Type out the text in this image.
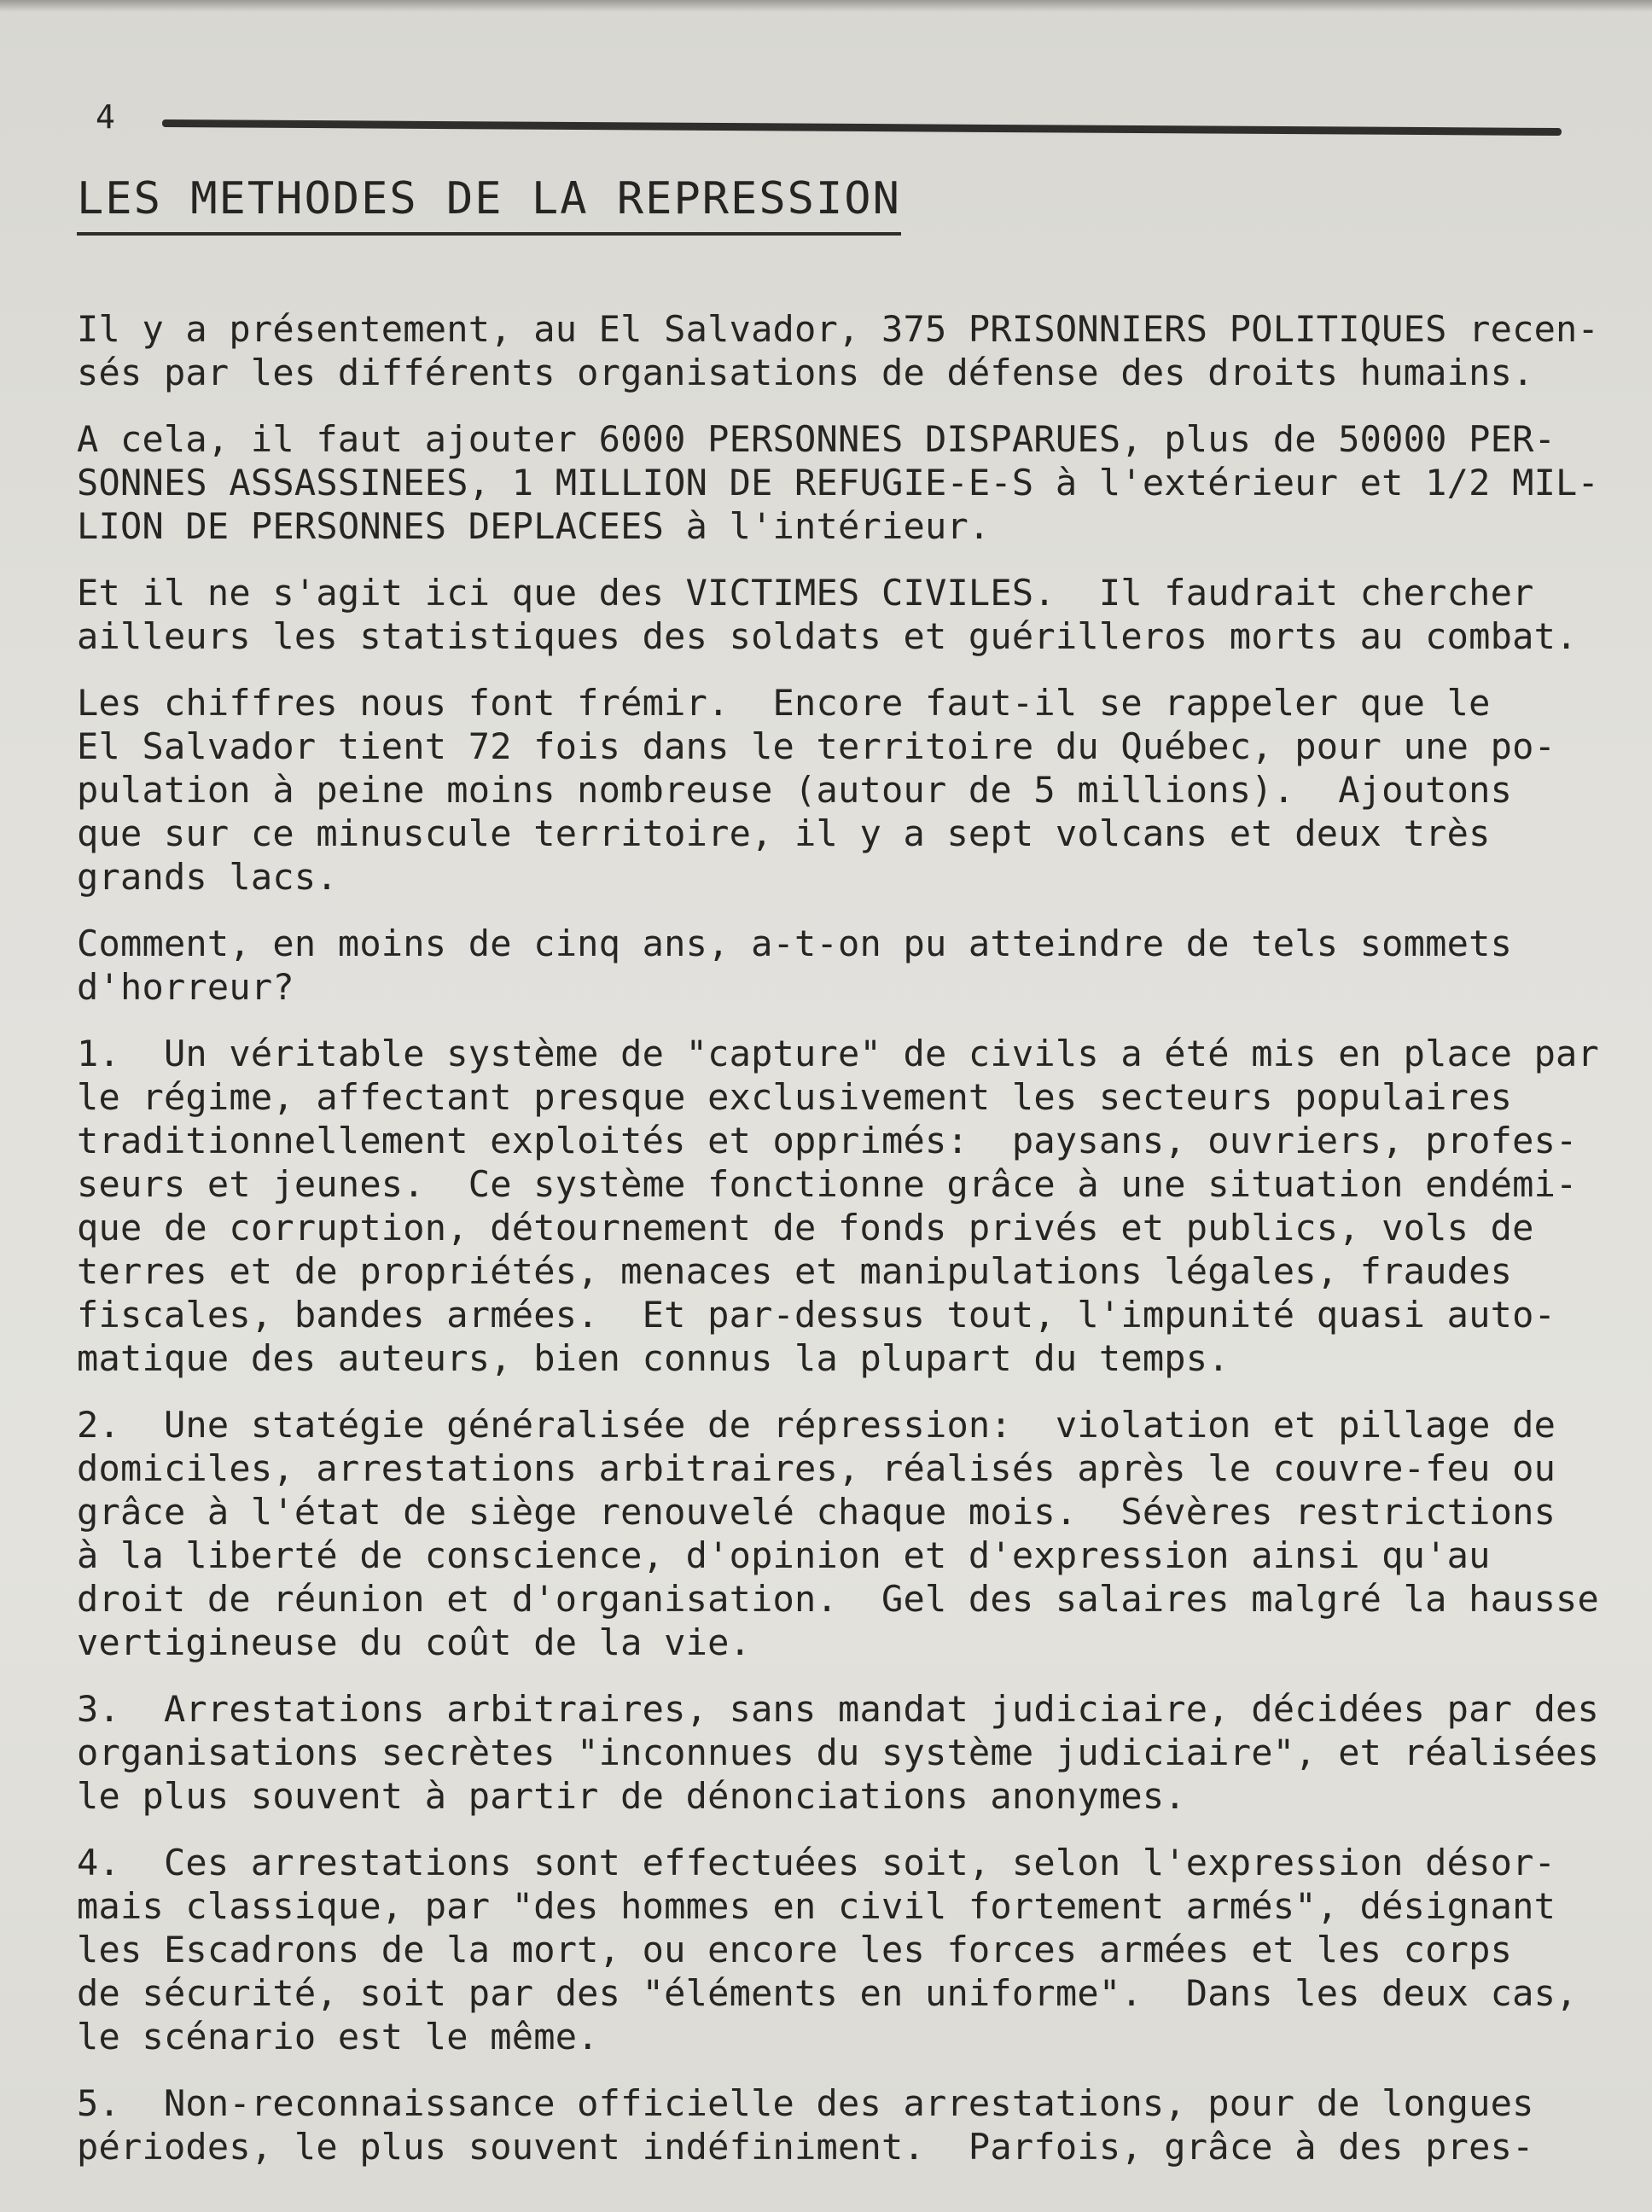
4
LES METHODES DE LA REPRESSION

Il y a présentement, au El Salvador, 375 PRISONNIERS POLITIQUES recen-
sés par les différents organisations de défense des droits humains.

A cela, il faut ajouter 6000 PERSONNES DISPARUES, plus de 50000 PER-
SONNES ASSASSINEES, 1 MILLION DE REFUGIE-E-S à l'extérieur et 1/2 MIL-
LION DE PERSONNES DEPLACEES à l'intérieur.

Et il ne s'agit ici que des VICTIMES CIVILES.  Il faudrait chercher
ailleurs les statistiques des soldats et guérilleros morts au combat.

Les chiffres nous font frémir.  Encore faut-il se rappeler que le
El Salvador tient 72 fois dans le territoire du Québec, pour une po-
pulation à peine moins nombreuse (autour de 5 millions).  Ajoutons
que sur ce minuscule territoire, il y a sept volcans et deux très
grands lacs.

Comment, en moins de cinq ans, a-t-on pu atteindre de tels sommets
d'horreur?

1.  Un véritable système de "capture" de civils a été mis en place par
le régime, affectant presque exclusivement les secteurs populaires
traditionnellement exploités et opprimés:  paysans, ouvriers, profes-
seurs et jeunes.  Ce système fonctionne grâce à une situation endémi-
que de corruption, détournement de fonds privés et publics, vols de
terres et de propriétés, menaces et manipulations légales, fraudes
fiscales, bandes armées.  Et par-dessus tout, l'impunité quasi auto-
matique des auteurs, bien connus la plupart du temps.

2.  Une statégie généralisée de répression:  violation et pillage de
domiciles, arrestations arbitraires, réalisés après le couvre-feu ou
grâce à l'état de siège renouvelé chaque mois.  Sévères restrictions
à la liberté de conscience, d'opinion et d'expression ainsi qu'au
droit de réunion et d'organisation.  Gel des salaires malgré la hausse
vertigineuse du coût de la vie.

3.  Arrestations arbitraires, sans mandat judiciaire, décidées par des
organisations secrètes "inconnues du système judiciaire", et réalisées
le plus souvent à partir de dénonciations anonymes.

4.  Ces arrestations sont effectuées soit, selon l'expression désor-
mais classique, par "des hommes en civil fortement armés", désignant
les Escadrons de la mort, ou encore les forces armées et les corps
de sécurité, soit par des "éléments en uniforme".  Dans les deux cas,
le scénario est le même.

5.  Non-reconnaissance officielle des arrestations, pour de longues
périodes, le plus souvent indéfiniment.  Parfois, grâce à des pres-
